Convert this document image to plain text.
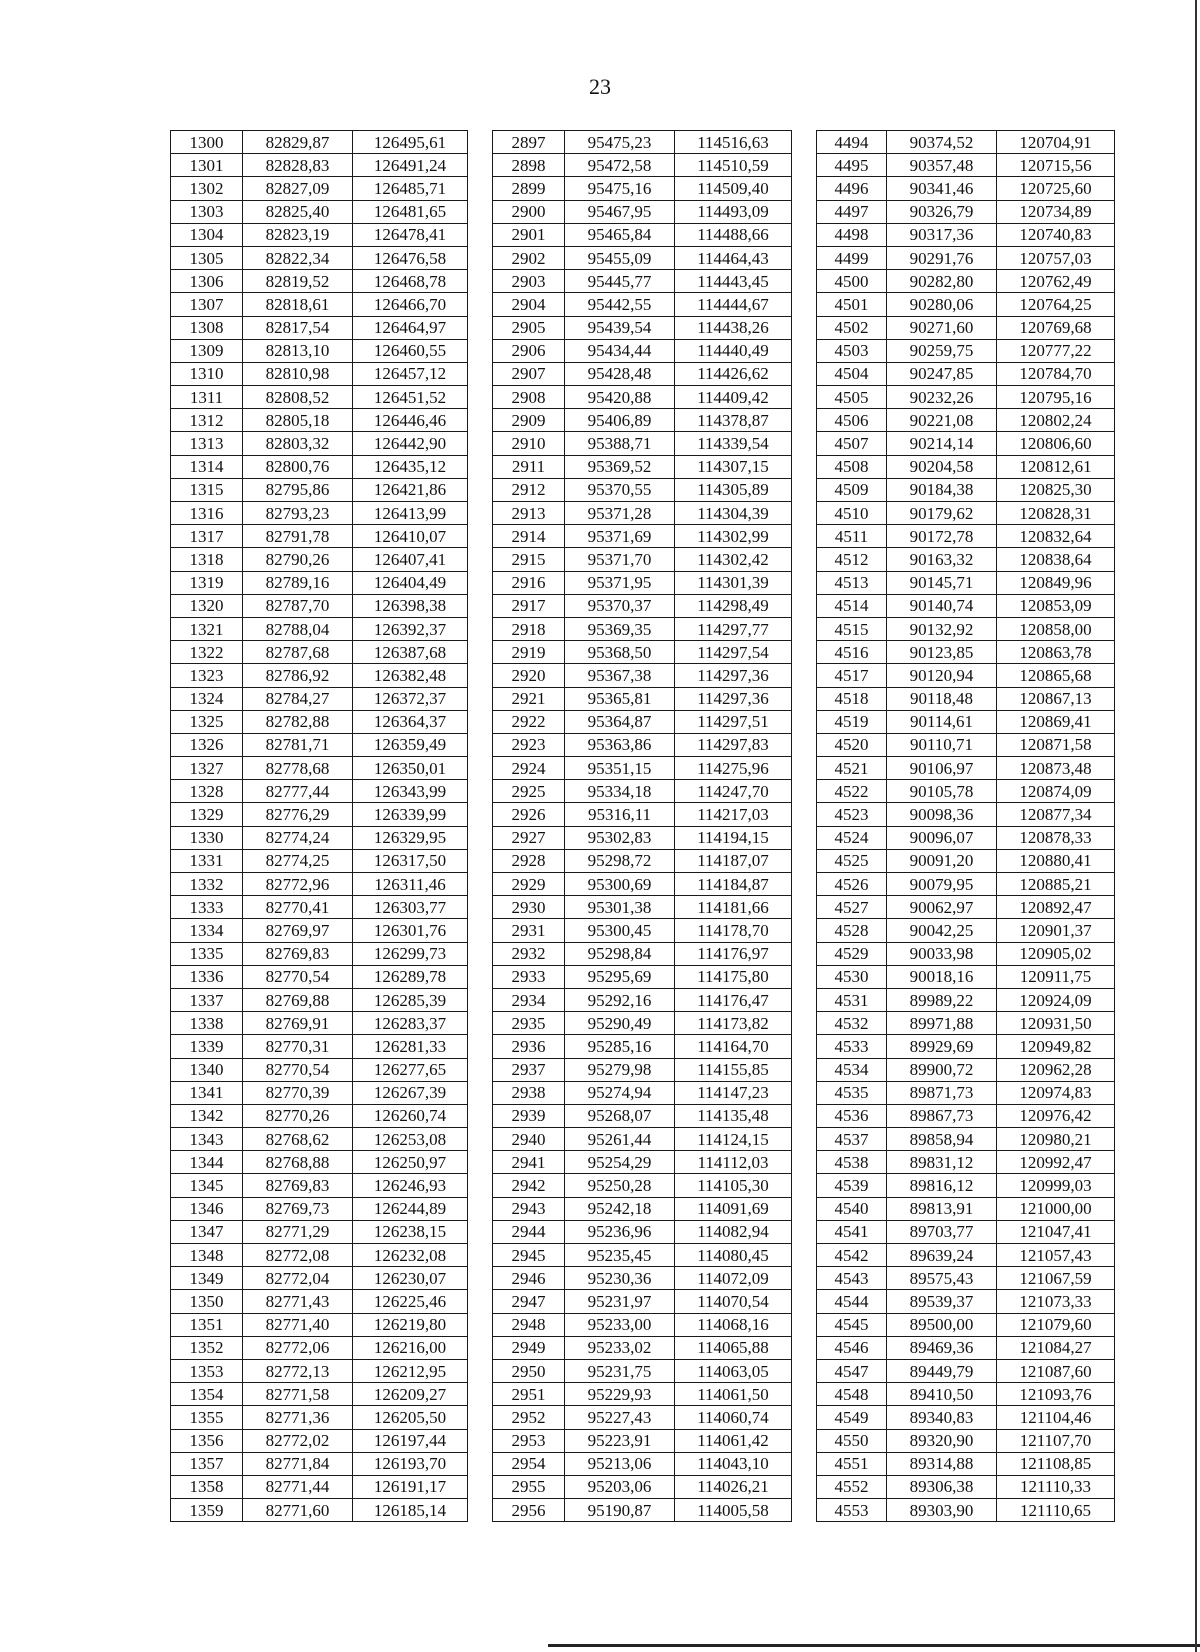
23
1300	82829,87	126495,61		2897	95475,23	114516,63		4494	90374,52	120704,91
1301	82828,83	126491,24		2898	95472,58	114510,59		4495	90357,48	120715,56
1302	82827,09	126485,71		2899	95475,16	114509,40		4496	90341,46	120725,60
1303	82825,40	126481,65		2900	95467,95	114493,09		4497	90326,79	120734,89
1304	82823,19	126478,41		2901	95465,84	114488,66		4498	90317,36	120740,83
1305	82822,34	126476,58		2902	95455,09	114464,43		4499	90291,76	120757,03
1306	82819,52	126468,78		2903	95445,77	114443,45		4500	90282,80	120762,49
1307	82818,61	126466,70		2904	95442,55	114444,67		4501	90280,06	120764,25
1308	82817,54	126464,97		2905	95439,54	114438,26		4502	90271,60	120769,68
1309	82813,10	126460,55		2906	95434,44	114440,49		4503	90259,75	120777,22
1310	82810,98	126457,12		2907	95428,48	114426,62		4504	90247,85	120784,70
1311	82808,52	126451,52		2908	95420,88	114409,42		4505	90232,26	120795,16
1312	82805,18	126446,46		2909	95406,89	114378,87		4506	90221,08	120802,24
1313	82803,32	126442,90		2910	95388,71	114339,54		4507	90214,14	120806,60
1314	82800,76	126435,12		2911	95369,52	114307,15		4508	90204,58	120812,61
1315	82795,86	126421,86		2912	95370,55	114305,89		4509	90184,38	120825,30
1316	82793,23	126413,99		2913	95371,28	114304,39		4510	90179,62	120828,31
1317	82791,78	126410,07		2914	95371,69	114302,99		4511	90172,78	120832,64
1318	82790,26	126407,41		2915	95371,70	114302,42		4512	90163,32	120838,64
1319	82789,16	126404,49		2916	95371,95	114301,39		4513	90145,71	120849,96
1320	82787,70	126398,38		2917	95370,37	114298,49		4514	90140,74	120853,09
1321	82788,04	126392,37		2918	95369,35	114297,77		4515	90132,92	120858,00
1322	82787,68	126387,68		2919	95368,50	114297,54		4516	90123,85	120863,78
1323	82786,92	126382,48		2920	95367,38	114297,36		4517	90120,94	120865,68
1324	82784,27	126372,37		2921	95365,81	114297,36		4518	90118,48	120867,13
1325	82782,88	126364,37		2922	95364,87	114297,51		4519	90114,61	120869,41
1326	82781,71	126359,49		2923	95363,86	114297,83		4520	90110,71	120871,58
1327	82778,68	126350,01		2924	95351,15	114275,96		4521	90106,97	120873,48
1328	82777,44	126343,99		2925	95334,18	114247,70		4522	90105,78	120874,09
1329	82776,29	126339,99		2926	95316,11	114217,03		4523	90098,36	120877,34
1330	82774,24	126329,95		2927	95302,83	114194,15		4524	90096,07	120878,33
1331	82774,25	126317,50		2928	95298,72	114187,07		4525	90091,20	120880,41
1332	82772,96	126311,46		2929	95300,69	114184,87		4526	90079,95	120885,21
1333	82770,41	126303,77		2930	95301,38	114181,66		4527	90062,97	120892,47
1334	82769,97	126301,76		2931	95300,45	114178,70		4528	90042,25	120901,37
1335	82769,83	126299,73		2932	95298,84	114176,97		4529	90033,98	120905,02
1336	82770,54	126289,78		2933	95295,69	114175,80		4530	90018,16	120911,75
1337	82769,88	126285,39		2934	95292,16	114176,47		4531	89989,22	120924,09
1338	82769,91	126283,37		2935	95290,49	114173,82		4532	89971,88	120931,50
1339	82770,31	126281,33		2936	95285,16	114164,70		4533	89929,69	120949,82
1340	82770,54	126277,65		2937	95279,98	114155,85		4534	89900,72	120962,28
1341	82770,39	126267,39		2938	95274,94	114147,23		4535	89871,73	120974,83
1342	82770,26	126260,74		2939	95268,07	114135,48		4536	89867,73	120976,42
1343	82768,62	126253,08		2940	95261,44	114124,15		4537	89858,94	120980,21
1344	82768,88	126250,97		2941	95254,29	114112,03		4538	89831,12	120992,47
1345	82769,83	126246,93		2942	95250,28	114105,30		4539	89816,12	120999,03
1346	82769,73	126244,89		2943	95242,18	114091,69		4540	89813,91	121000,00
1347	82771,29	126238,15		2944	95236,96	114082,94		4541	89703,77	121047,41
1348	82772,08	126232,08		2945	95235,45	114080,45		4542	89639,24	121057,43
1349	82772,04	126230,07		2946	95230,36	114072,09		4543	89575,43	121067,59
1350	82771,43	126225,46		2947	95231,97	114070,54		4544	89539,37	121073,33
1351	82771,40	126219,80		2948	95233,00	114068,16		4545	89500,00	121079,60
1352	82772,06	126216,00		2949	95233,02	114065,88		4546	89469,36	121084,27
1353	82772,13	126212,95		2950	95231,75	114063,05		4547	89449,79	121087,60
1354	82771,58	126209,27		2951	95229,93	114061,50		4548	89410,50	121093,76
1355	82771,36	126205,50		2952	95227,43	114060,74		4549	89340,83	121104,46
1356	82772,02	126197,44		2953	95223,91	114061,42		4550	89320,90	121107,70
1357	82771,84	126193,70		2954	95213,06	114043,10		4551	89314,88	121108,85
1358	82771,44	126191,17		2955	95203,06	114026,21		4552	89306,38	121110,33
1359	82771,60	126185,14		2956	95190,87	114005,58		4553	89303,90	121110,65
